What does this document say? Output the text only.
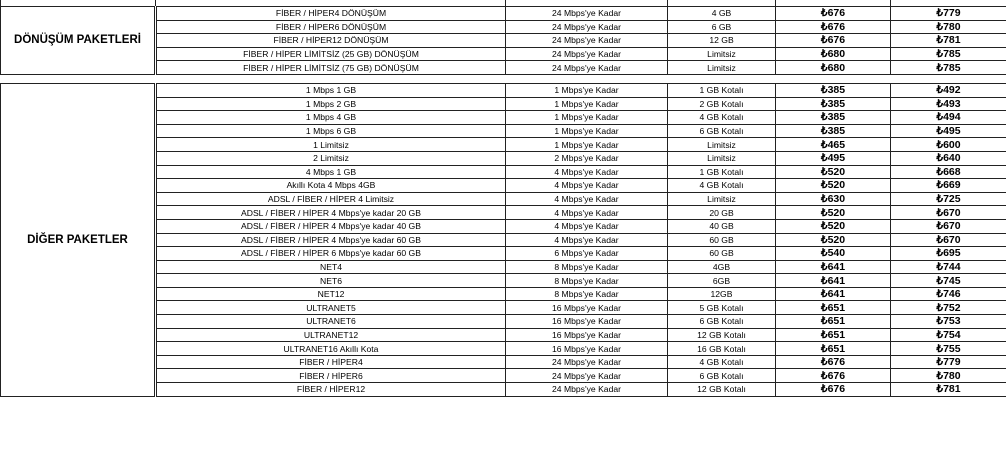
DÖNÜŞÜM PAKETLERİ	FİBER / HİPER4 DÖNÜŞÜM	24 Mbps'ye Kadar	4 GB	₺676	₺779
	FİBER / HİPER6 DÖNÜŞÜM	24 Mbps'ye Kadar	6 GB	₺676	₺780
	FİBER / HİPER12 DÖNÜŞÜM	24 Mbps'ye Kadar	12 GB	₺676	₺781
	FİBER / HİPER LİMİTSİZ (25 GB) DÖNÜŞÜM	24 Mbps'ye Kadar	Limitsiz	₺680	₺785
	FİBER / HİPER LİMİTSİZ (75 GB) DÖNÜŞÜM	24 Mbps'ye Kadar	Limitsiz	₺680	₺785

DİĞER PAKETLER	1 Mbps 1 GB	1 Mbps'ye Kadar	1 GB Kotalı	₺385	₺492
	1 Mbps 2 GB	1 Mbps'ye Kadar	2 GB Kotalı	₺385	₺493
	1 Mbps 4 GB	1 Mbps'ye Kadar	4 GB Kotalı	₺385	₺494
	1 Mbps 6 GB	1 Mbps'ye Kadar	6 GB Kotalı	₺385	₺495
	1 Limitsiz	1 Mbps'ye Kadar	Limitsiz	₺465	₺600
	2 Limitsiz	2 Mbps'ye Kadar	Limitsiz	₺495	₺640
	4 Mbps 1 GB	4 Mbps'ye Kadar	1 GB Kotalı	₺520	₺668
	Akıllı Kota 4 Mbps 4GB	4 Mbps'ye Kadar	4 GB Kotalı	₺520	₺669
	ADSL / FİBER / HİPER 4 Limitsiz	4 Mbps'ye Kadar	Limitsiz	₺630	₺725
	ADSL / FİBER / HİPER 4 Mbps'ye kadar 20 GB	4 Mbps'ye Kadar	20 GB	₺520	₺670
	ADSL / FİBER / HİPER 4 Mbps'ye kadar 40 GB	4 Mbps'ye Kadar	40 GB	₺520	₺670
	ADSL / FİBER / HİPER 4 Mbps'ye kadar 60 GB	4 Mbps'ye Kadar	60 GB	₺520	₺670
	ADSL / FİBER / HİPER 6 Mbps'ye kadar 60 GB	6 Mbps'ye Kadar	60 GB	₺540	₺695
	NET4	8 Mbps'ye Kadar	4GB	₺641	₺744
	NET6	8 Mbps'ye Kadar	6GB	₺641	₺745
	NET12	8 Mbps'ye Kadar	12GB	₺641	₺746
	ULTRANET5	16 Mbps'ye Kadar	5 GB Kotalı	₺651	₺752
	ULTRANET6	16 Mbps'ye Kadar	6 GB Kotalı	₺651	₺753
	ULTRANET12	16 Mbps'ye Kadar	12 GB Kotalı	₺651	₺754
	ULTRANET16 Akıllı Kota	16 Mbps'ye Kadar	16 GB Kotalı	₺651	₺755
	FİBER / HİPER4	24 Mbps'ye Kadar	4 GB Kotalı	₺676	₺779
	FİBER / HİPER6	24 Mbps'ye Kadar	6 GB Kotalı	₺676	₺780
	FİBER / HİPER12	24 Mbps'ye Kadar	12 GB Kotalı	₺676	₺781
